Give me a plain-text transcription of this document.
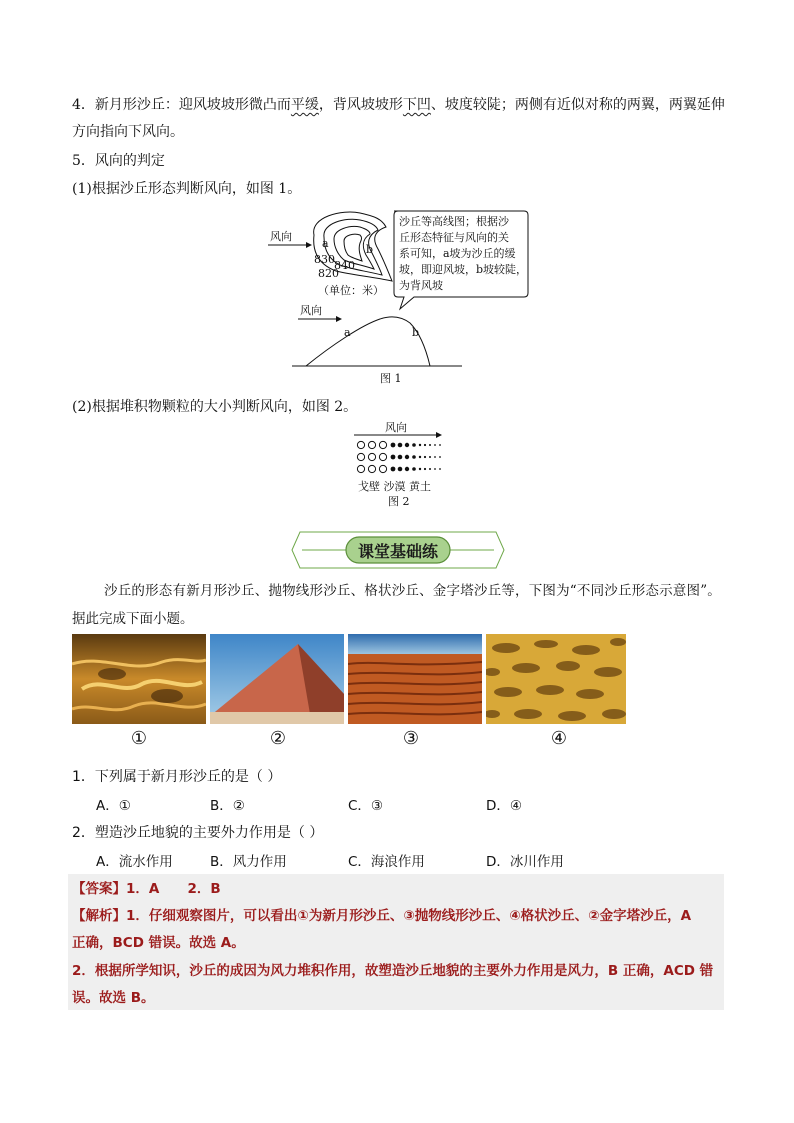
4．新月形沙丘：迎风坡坡形微凸而平缓，背风坡坡形下凹、坡度较陡；两侧有近似对称的两翼，两翼延伸
方向指向下风向。
5．风向的判定
(1)根据沙丘形态判断风向，如图 1。
风向
a	b
830 840
820
（单位：米）
沙丘等高线图；根据沙
丘形态特征与风向的关
系可知，a坡为沙丘的缓
坡，即迎风坡，b坡较陡，
为背风坡
风向
a	b
图 1
(2)根据堆积物颗粒的大小判断风向，如图 2。
风向
戈壁 沙漠 黄土
图 2
课堂基础练
沙丘的形态有新月形沙丘、抛物线形沙丘、格状沙丘、金字塔沙丘等，下图为“不同沙丘形态示意图”。
据此完成下面小题。
①	②	③	④
1．下列属于新月形沙丘的是（ ）
A．①	B．②	C．③	D．④
2．塑造沙丘地貌的主要外力作用是（ ）
A．流水作用	B．风力作用	C．海浪作用	D．冰川作用
【答案】1．A      2．B
【解析】1．仔细观察图片，可以看出①为新月形沙丘、③抛物线形沙丘、④格状沙丘、②金字塔沙丘，A
正确，BCD 错误。故选 A。
2．根据所学知识，沙丘的成因为风力堆积作用，故塑造沙丘地貌的主要外力作用是风力，B 正确，ACD 错
误。故选 B。
